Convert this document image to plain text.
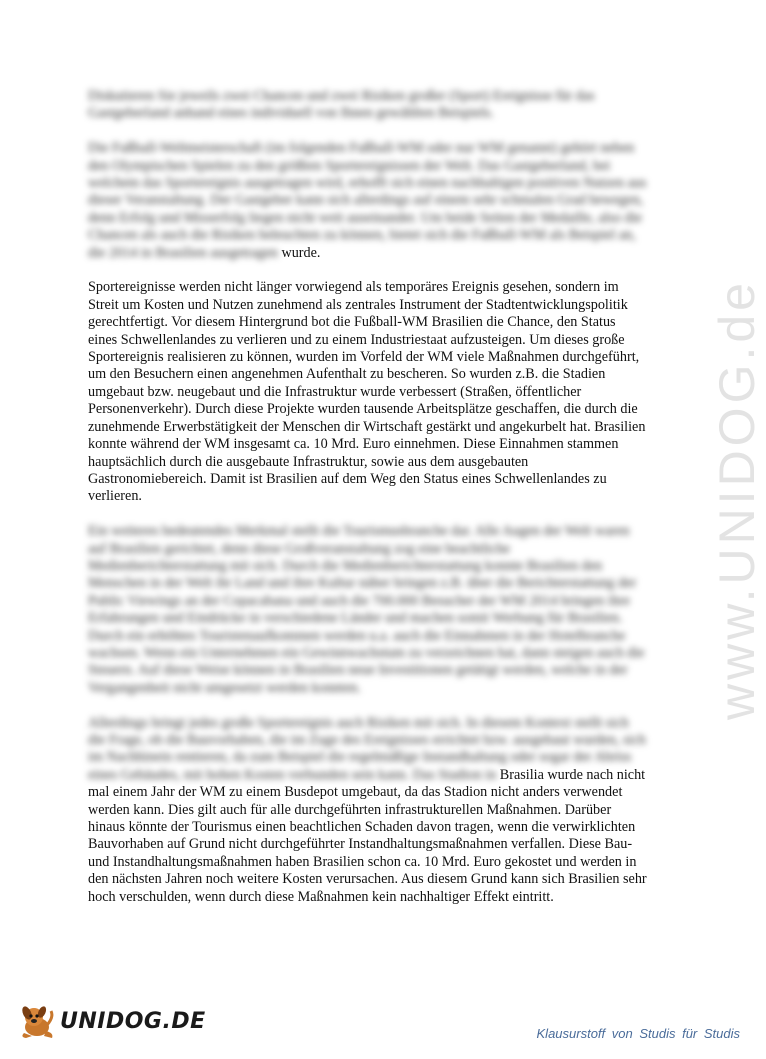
www.UNIDOG.de

Diskutieren Sie jeweils zwei Chancen und zwei Risiken großer (Sport) Ereignisse für das Gastgeberland anhand eines individuell von Ihnen gewählten Beispiels.

Die Fußball-Weltmeisterschaft (im folgenden Fußball-WM oder nur WM genannt) gehört neben den Olympischen Spielen zu den größten Sportereignissen der Welt. Das Gastgeberland, bei welchem das Sportereignis ausgetragen wird, erhofft sich einen nachhaltigen positiven Nutzen aus dieser Veranstaltung. Der Gastgeber kann sich allerdings auf einem sehr schmalen Grad bewegen, denn Erfolg und Misserfolg liegen nicht weit auseinander. Um beide Seiten der Medaille, also die Chancen als auch die Risiken beleuchten zu können, bietet sich die Fußball-WM als Beispiel an, die 2014 in Brasilien ausgetragen wurde.

Sportereignisse werden nicht länger vorwiegend als temporäres Ereignis gesehen, sondern im Streit um Kosten und Nutzen zunehmend als zentrales Instrument der Stadtentwicklungspolitik gerechtfertigt. Vor diesem Hintergrund bot die Fußball-WM Brasilien die Chance, den Status eines Schwellenlandes zu verlieren und zu einem Industriestaat aufzusteigen. Um dieses große Sportereignis realisieren zu können, wurden im Vorfeld der WM viele Maßnahmen durchgeführt, um den Besuchern einen angenehmen Aufenthalt zu bescheren. So wurden z.B. die Stadien umgebaut bzw. neugebaut und die Infrastruktur wurde verbessert (Straßen, öffentlicher Personenverkehr). Durch diese Projekte wurden tausende Arbeitsplätze geschaffen, die durch die zunehmende Erwerbstätigkeit der Menschen dir Wirtschaft gestärkt und angekurbelt hat. Brasilien konnte während der WM insgesamt ca. 10 Mrd. Euro einnehmen. Diese Einnahmen stammen hauptsächlich durch die ausgebaute Infrastruktur, sowie aus dem ausgebauten Gastronomiebereich. Damit ist Brasilien auf dem Weg den Status eines Schwellenlandes zu verlieren.

Ein weiteres bedeutendes Merkmal stellt die Tourismusbranche dar. Alle Augen der Welt waren auf Brasilien gerichtet, denn diese Großveranstaltung zog eine beachtliche Medienberichterstattung mit sich. Durch die Medienberichterstattung konnte Brasilien den Menschen in der Welt ihr Land und ihre Kultur näher bringen z.B. über die Berichterstattung der Public Viewings an der Copacabana und auch die 700.000 Besucher der WM 2014 bringen ihre Erfahrungen und Eindrücke in verschiedene Länder und machen somit Werbung für Brasilien. Durch ein erhöhtes Touristenaufkommen werden u.a. auch die Einnahmen in der Hotelbranche wachsen. Wenn ein Unternehmen ein Gewinnwachstum zu verzeichnen hat, dann steigen auch die Steuern. Auf diese Weise können in Brasilien neue Investitionen getätigt werden, welche in der Vergangenheit nicht umgesetzt werden konnten.

Allerdings bringt jedes große Sportereignis auch Risiken mit sich. In diesem Kontext stellt sich die Frage, ob die Bauvorhaben, die im Zuge des Ereignisses errichtet bzw. ausgebaut wurden, sich im Nachhinein rentieren, da zum Beispiel die regelmäßige Instandhaltung oder sogar der Abriss eines Gebäudes, mit hohen Kosten verbunden sein kann. Das Stadion in Brasilia wurde nach nicht mal einem Jahr der WM zu einem Busdepot umgebaut, da das Stadion nicht anders verwendet werden kann. Dies gilt auch für alle durchgeführten infrastrukturellen Maßnahmen. Darüber hinaus könnte der Tourismus einen beachtlichen Schaden davon tragen, wenn die verwirklichten Bauvorhaben auf Grund nicht durchgeführter Instandhaltungsmaßnahmen verfallen. Diese Bau- und Instandhaltungsmaßnahmen haben Brasilien schon ca. 10 Mrd. Euro gekostet und werden in den nächsten Jahren noch weitere Kosten verursachen. Aus diesem Grund kann sich Brasilien sehr hoch verschulden, wenn durch diese Maßnahmen kein nachhaltiger Effekt eintritt.

UNIDOG.DE	Klausurstoff von Studis für Studis
